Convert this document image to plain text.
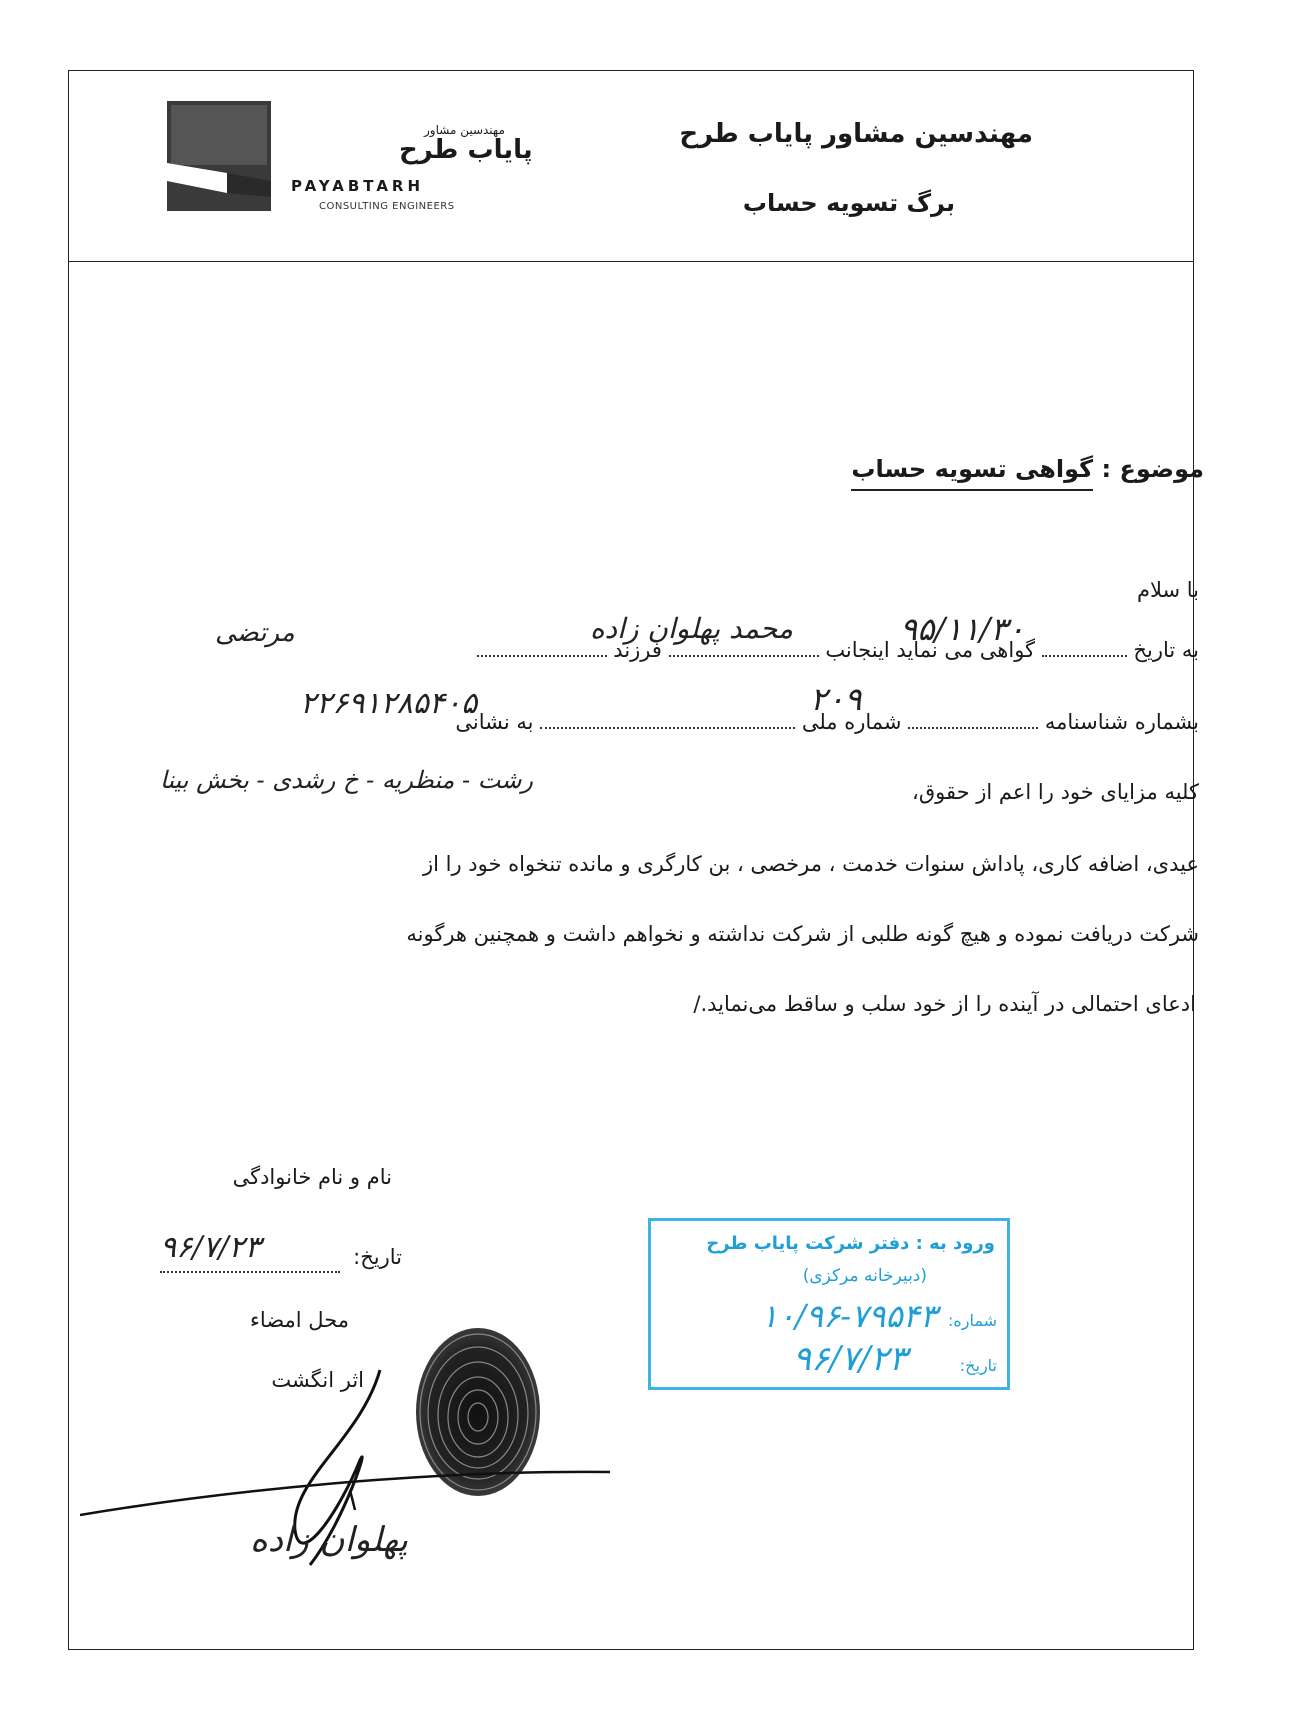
مهندسین مشاور
پایاب طرح
PAYABTARH
CONSULTING ENGINEERS
مهندسین مشاور پایاب طرح
برگ تسویه حساب
موضوع : گواهی تسویه حساب
با سلام
به تاریخ  گواهی می نماید اینجانب  فرزند
۹۵/۱۱/۳۰
محمد پهلوان زاده
مرتضی
بشماره شناسنامه  شماره ملی  به نشانی
۲۰۹
۲۲۶۹۱۲۸۵۴۰۵
کلیه مزایای خود را اعم از حقوق،
رشت - منظریه - خ رشدی - بخش بینا
عیدی، اضافه کاری، پاداش سنوات خدمت ، مرخصی ، بن کارگری و مانده تنخواه خود را از
شرکت دریافت نموده و هیچ گونه طلبی از شرکت نداشته و نخواهم داشت و همچنین هرگونه
ادعای احتمالی در آینده را از خود سلب و ساقط می‌نماید./
نام و نام خانوادگی
تاریخ:
۹۶/۷/۲۳
محل امضاء
اثر انگشت
پهلوان زاده
ورود به : دفتر شرکت پایاب طرح
(دبیرخانه مرکزی)
شماره:
۱۰/۹۶-۷۹۵۴۳
تاریخ:
۹۶/۷/۲۳
